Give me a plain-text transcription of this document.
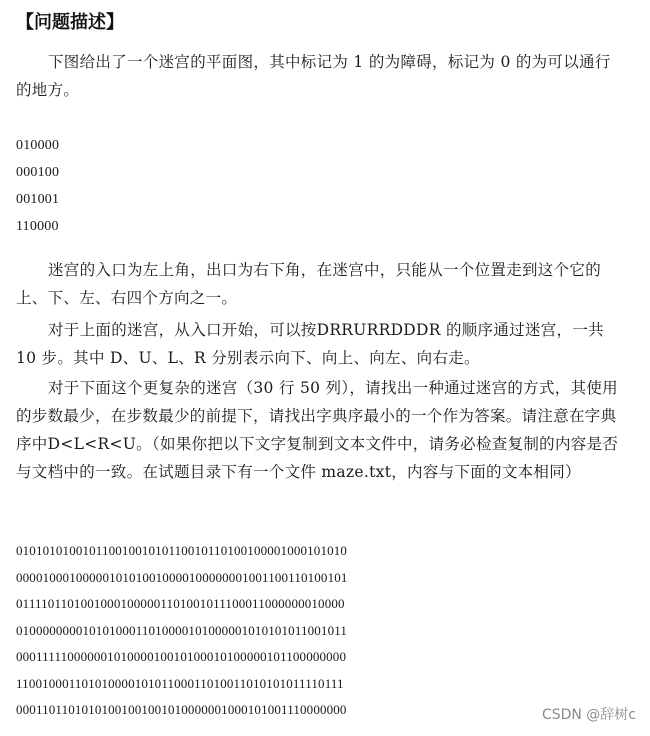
【问题描述】

下图给出了一个迷宫的平面图，其中标记为 1 的为障碍，标记为 0 的为可以通行的地方。

010000
000100
001001
110000

迷宫的入口为左上角，出口为右下角，在迷宫中，只能从一个位置走到这个它的上、下、左、右四个方向之一。

对于上面的迷宫，从入口开始，可以按DRRURRDDDR 的顺序通过迷宫，一共 10 步。其中 D、U、L、R 分别表示向下、向上、向左、向右走。

对于下面这个更复杂的迷宫（30 行 50 列），请找出一种通过迷宫的方式，其使用的步数最少，在步数最少的前提下，请找出字典序最小的一个作为答案。请注意在字典序中D<L<R<U。（如果你把以下文字复制到文本文件中，请务必检查复制的内容是否与文档中的一致。在试题目录下有一个文件 maze.txt，内容与下面的文本相同）

01010101001011001001010110010110100100001000101010
00001000100000101010010000100000001001100110100101
01111011010010001000001101001011100011000000010000
01000000001010100011010000101000001010101011001011
00011111000000101000010010100010100000101100000000
11001000110101000010101100011010011010101011110111
00011011010101001001001010000001000101001110000000	CSDN @辞树c
